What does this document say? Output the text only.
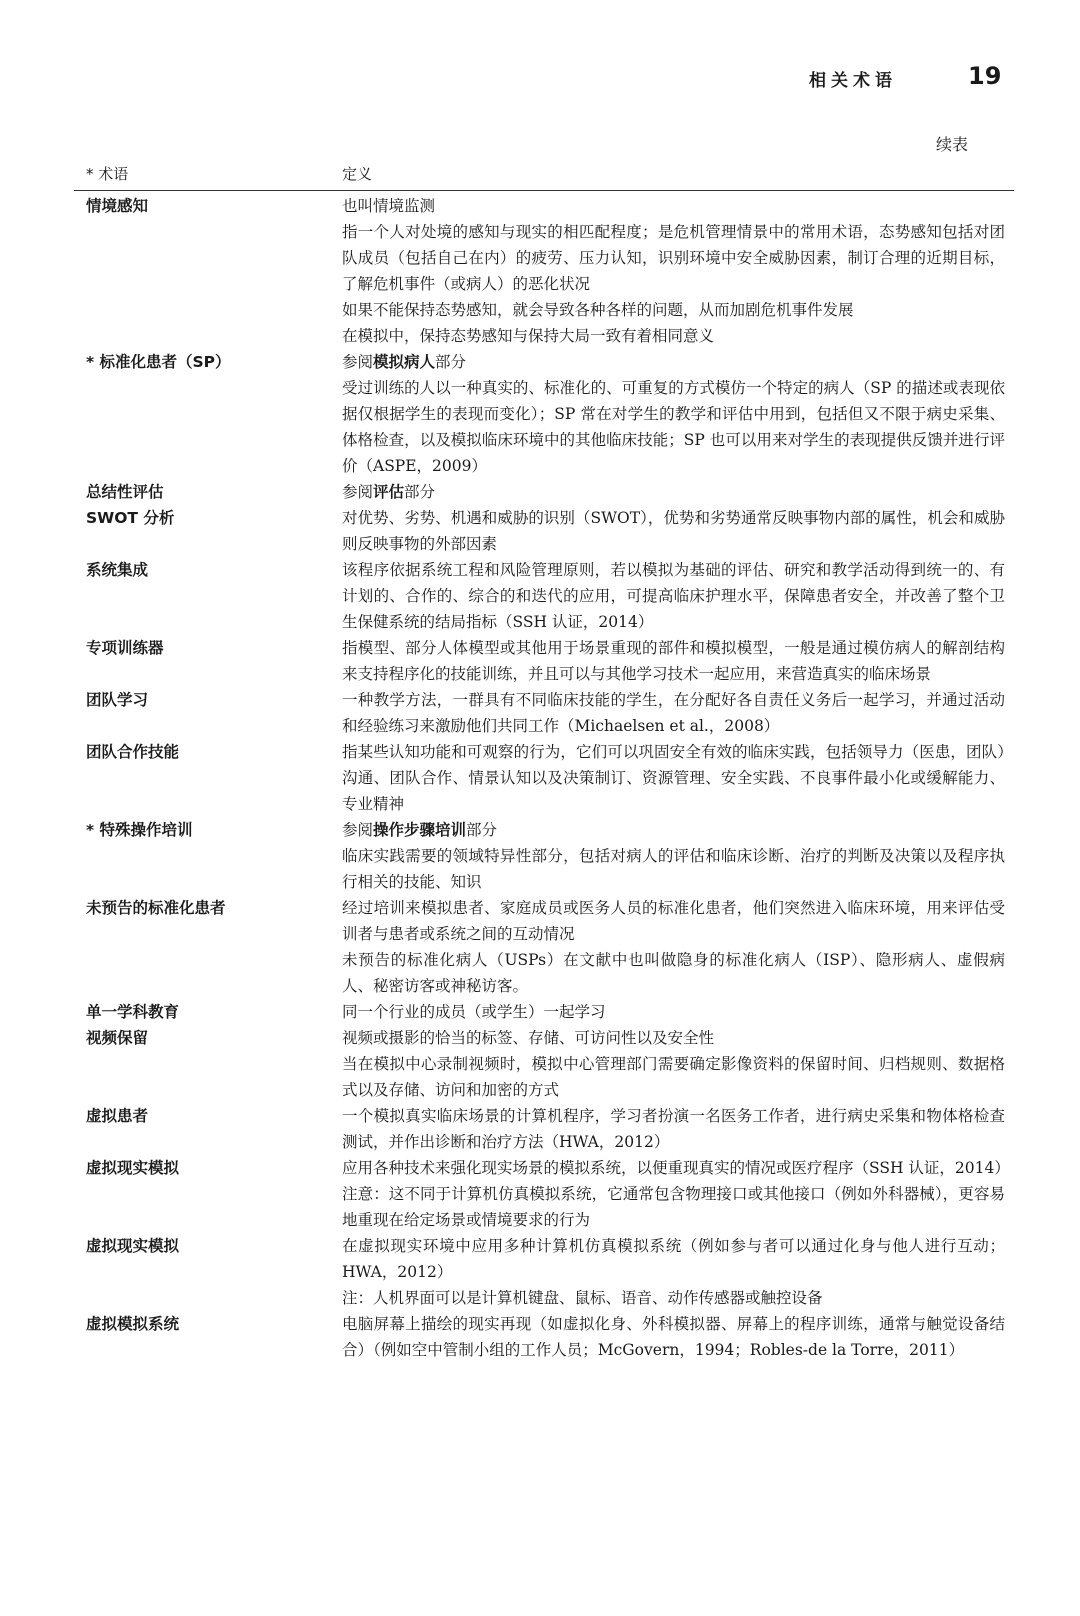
相关术语	19
续表
* 术语	定义
情境感知	也叫情境监测

指一个人对处境的感知与现实的相匹配程度；是危机管理情景中的常用术语，态势感知包括对团队成员（包括自己在内）的疲劳、压力认知，识别环境中安全威胁因素，制订合理的近期目标，了解危机事件（或病人）的恶化状况

如果不能保持态势感知，就会导致各种各样的问题，从而加剧危机事件发展

在模拟中，保持态势感知与保持大局一致有着相同意义

* 标准化患者（SP）	参阅模拟病人部分

受过训练的人以一种真实的、标准化的、可重复的方式模仿一个特定的病人（SP 的描述或表现依据仅根据学生的表现而变化）；SP 常在对学生的教学和评估中用到，包括但又不限于病史采集、体格检查，以及模拟临床环境中的其他临床技能；SP 也可以用来对学生的表现提供反馈并进行评价（ASPE，2009）

总结性评估	参阅评估部分

SWOT 分析	对优势、劣势、机遇和威胁的识别（SWOT），优势和劣势通常反映事物内部的属性，机会和威胁则反映事物的外部因素

系统集成	该程序依据系统工程和风险管理原则，若以模拟为基础的评估、研究和教学活动得到统一的、有计划的、合作的、综合的和迭代的应用，可提高临床护理水平，保障患者安全，并改善了整个卫生保健系统的结局指标（SSH 认证，2014）

专项训练器	指模型、部分人体模型或其他用于场景重现的部件和模拟模型，一般是通过模仿病人的解剖结构来支持程序化的技能训练，并且可以与其他学习技术一起应用，来营造真实的临床场景

团队学习	一种教学方法，一群具有不同临床技能的学生，在分配好各自责任义务后一起学习，并通过活动和经验练习来激励他们共同工作（Michaelsen et al.，2008）

团队合作技能	指某些认知功能和可观察的行为，它们可以巩固安全有效的临床实践，包括领导力（医患，团队）沟通、团队合作、情景认知以及决策制订、资源管理、安全实践、不良事件最小化或缓解能力、专业精神

* 特殊操作培训	参阅操作步骤培训部分

临床实践需要的领域特异性部分，包括对病人的评估和临床诊断、治疗的判断及决策以及程序执行相关的技能、知识

未预告的标准化患者	经过培训来模拟患者、家庭成员或医务人员的标准化患者，他们突然进入临床环境，用来评估受训者与患者或系统之间的互动情况

未预告的标准化病人（USPs）在文献中也叫做隐身的标准化病人（ISP）、隐形病人、虚假病人、秘密访客或神秘访客。

单一学科教育	同一个行业的成员（或学生）一起学习

视频保留	视频或摄影的恰当的标签、存储、可访问性以及安全性

当在模拟中心录制视频时，模拟中心管理部门需要确定影像资料的保留时间、归档规则、数据格式以及存储、访问和加密的方式

虚拟患者	一个模拟真实临床场景的计算机程序，学习者扮演一名医务工作者，进行病史采集和物体格检查测试，并作出诊断和治疗方法（HWA，2012）

虚拟现实模拟	应用各种技术来强化现实场景的模拟系统，以便重现真实的情况或医疗程序（SSH 认证，2014）

注意：这不同于计算机仿真模拟系统，它通常包含物理接口或其他接口（例如外科器械），更容易地重现在给定场景或情境要求的行为

虚拟现实模拟	在虚拟现实环境中应用多种计算机仿真模拟系统（例如参与者可以通过化身与他人进行互动；HWA，2012）

注：人机界面可以是计算机键盘、鼠标、语音、动作传感器或触控设备

虚拟模拟系统	电脑屏幕上描绘的现实再现（如虚拟化身、外科模拟器、屏幕上的程序训练，通常与触觉设备结合）（例如空中管制小组的工作人员；McGovern，1994；Robles-de la Torre，2011）
